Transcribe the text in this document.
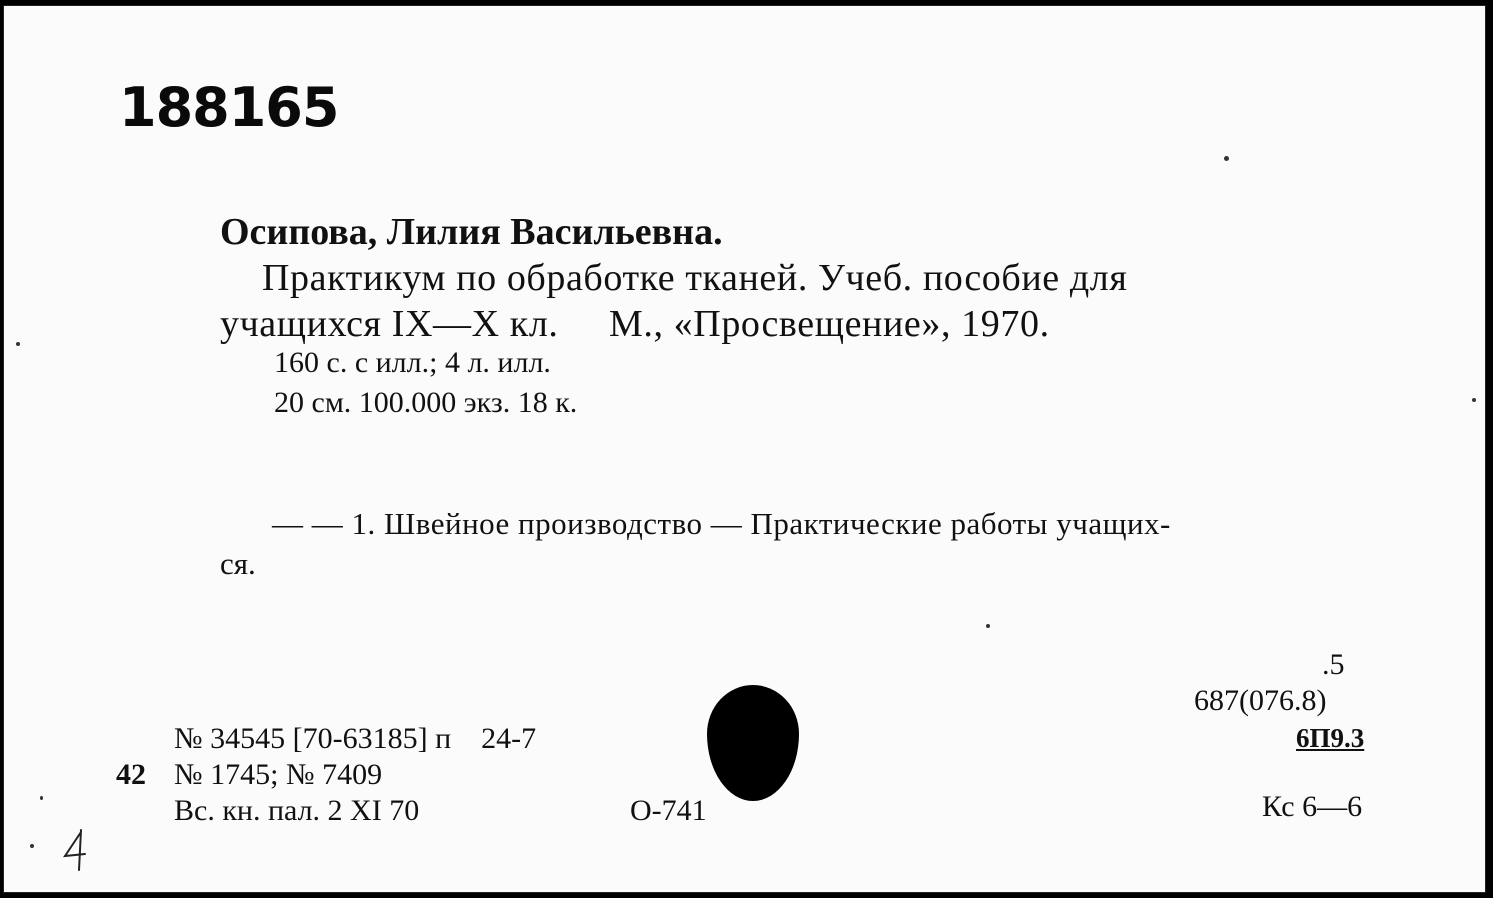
188165
Осипова, Лилия Васильевна.
Практикум по обработке тканей. Учеб. пособие для
учащихся IX—X кл.     М., «Просвещение», 1970.
160 с. с илл.; 4 л. илл.
20 см. 100.000 экз. 18 к.
— — 1. Швейное производство — Практические работы учащих-
ся.
.5
687(076.8)
6П9.3
Кс 6—6
№ 34545 [70-63185] п    24-7
42 № 1745; № 7409
Вс. кн. пал. 2 XI 70	О-741
